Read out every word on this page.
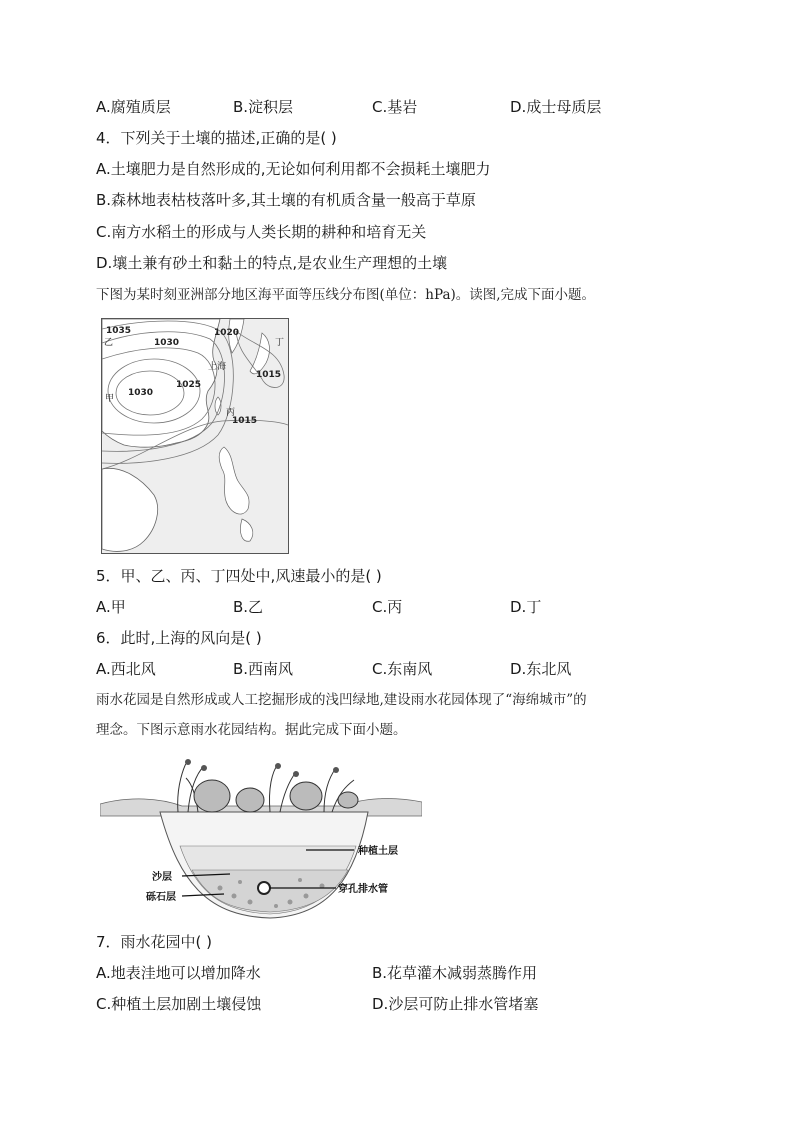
A.腐殖质层	B.淀积层	C.基岩	D.成士母质层
4．下列关于土壤的描述,正确的是( )
A.土壤肥力是自然形成的,无论如何利用都不会损耗土壤肥力
B.森林地表枯枝落叶多,其土壤的有机质含量一般高于草原
C.南方水稻土的形成与人类长期的耕种和培育无关
D.壤土兼有砂土和黏土的特点,是农业生产理想的土壤
下图为某时刻亚洲部分地区海平面等压线分布图(单位：hPa)。读图,完成下面小题。
1035
1030
1020
1030
1025
1015
1015
乙
甲
上海
丙
丁
5．甲、乙、丙、丁四处中,风速最小的是( )
A.甲	B.乙	C.丙	D.丁
6．此时,上海的风向是( )
A.西北风	B.西南风	C.东南风	D.东北风
雨水花园是自然形成或人工挖掘形成的浅凹绿地,建设雨水花园体现了“海绵城市”的
理念。下图示意雨水花园结构。据此完成下面小题。
种植土层
沙层
砾石层
穿孔排水管
7．雨水花园中( )
A.地表洼地可以增加降水	B.花草灌木减弱蒸腾作用
C.种植土层加剧土壤侵蚀	D.沙层可防止排水管堵塞
